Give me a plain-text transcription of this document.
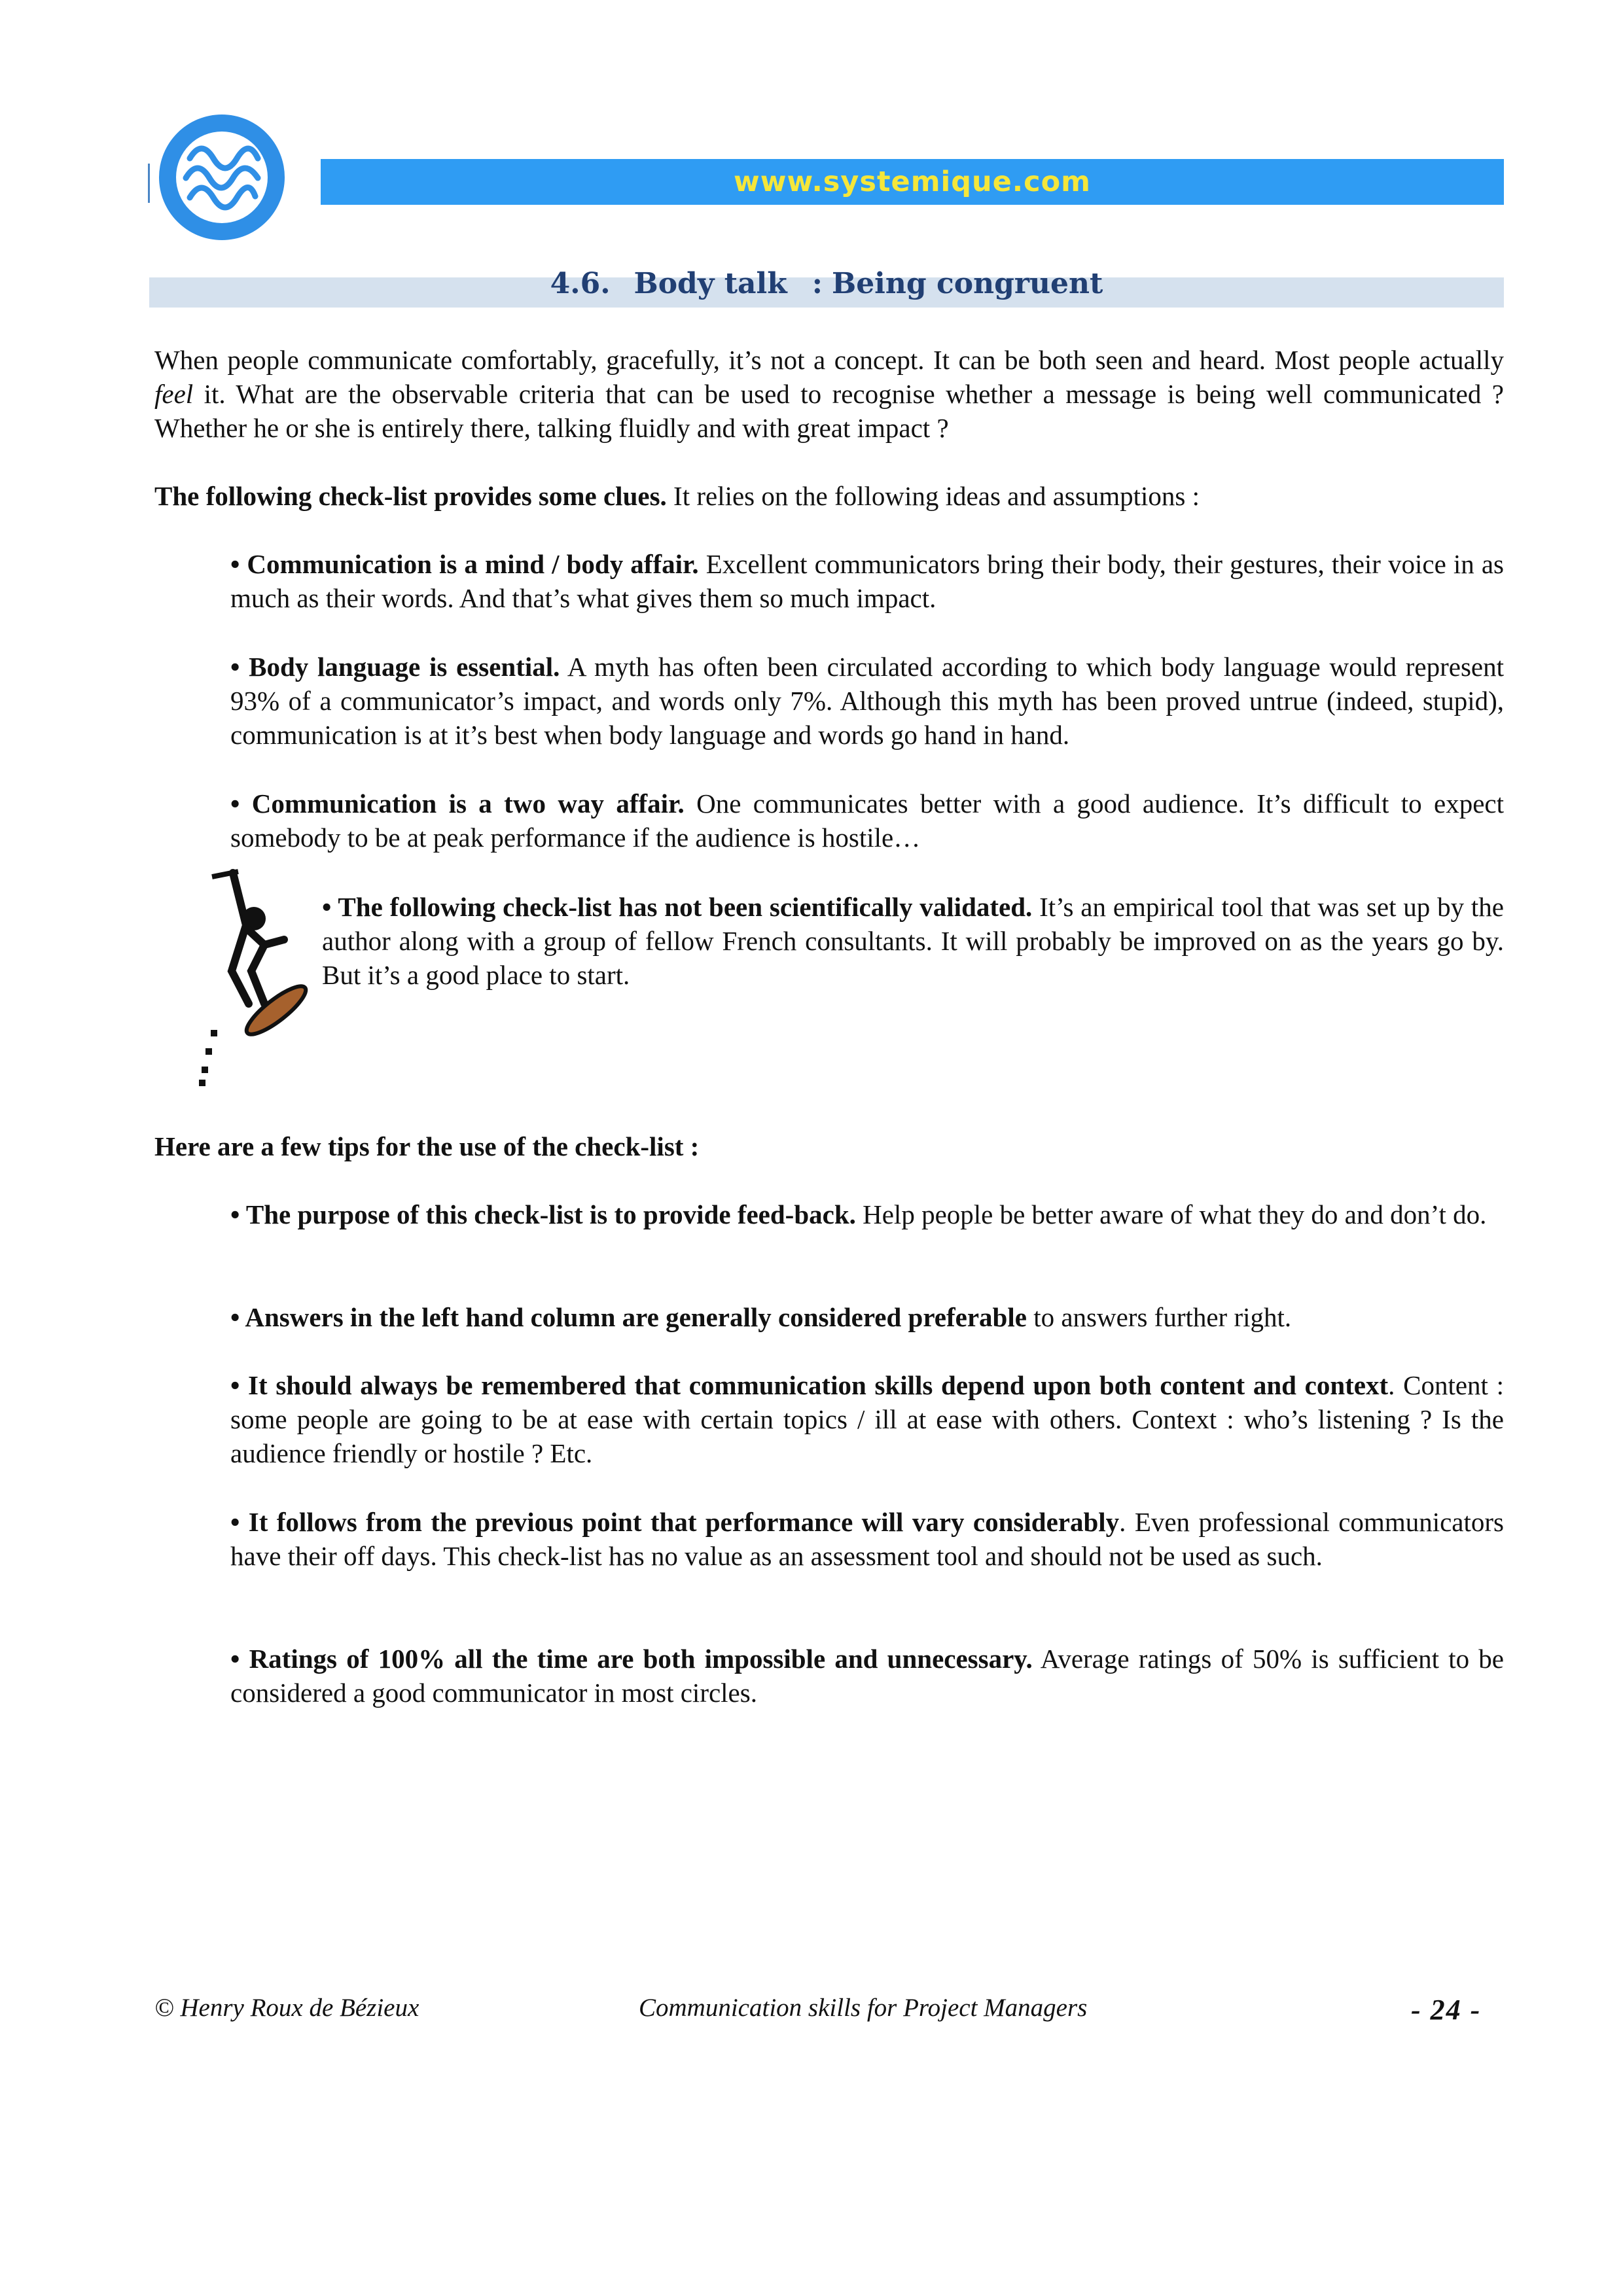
www.systemique.com
4.6. Body talk : Being congruent

When people communicate comfortably, gracefully, it’s not a concept. It can be both seen and heard. Most people actually feel it. What are the observable criteria that can be used to recognise whether a message is being well communicated ? Whether he or she is entirely there, talking fluidly and with great impact ?

The following check-list provides some clues. It relies on the following ideas and assumptions :

• Communication is a mind / body affair. Excellent communicators bring their body, their gestures, their voice in as much as their words. And that’s what gives them so much impact.

• Body language is essential. A myth has often been circulated according to which body language would represent 93% of a communicator’s impact, and words only 7%. Although this myth has been proved untrue (indeed, stupid), communication is at it’s best when body language and words go hand in hand.

• Communication is a two way affair. One communicates better with a good audience. It’s difficult to expect somebody to be at peak performance if the audience is hostile…

• The following check-list has not been scientifically validated. It’s an empirical tool that was set up by the author along with a group of fellow French consultants. It will probably be improved on as the years go by. But it’s a good place to start.

Here are a few tips for the use of the check-list :

• The purpose of this check-list is to provide feed-back. Help people be better aware of what they do and don’t do.

• Answers in the left hand column are generally considered preferable to answers further right.

• It should always be remembered that communication skills depend upon both content and context. Content : some people are going to be at ease with certain topics / ill at ease with others. Context : who’s listening ? Is the audience friendly or hostile ? Etc.

• It follows from the previous point that performance will vary considerably. Even professional communicators have their off days. This check-list has no value as an assessment tool and should not be used as such.

• Ratings of 100% all the time are both impossible and unnecessary. Average ratings of 50% is sufficient to be considered a good communicator in most circles.

© Henry Roux de Bézieux	Communication skills for Project Managers	- 24 -
